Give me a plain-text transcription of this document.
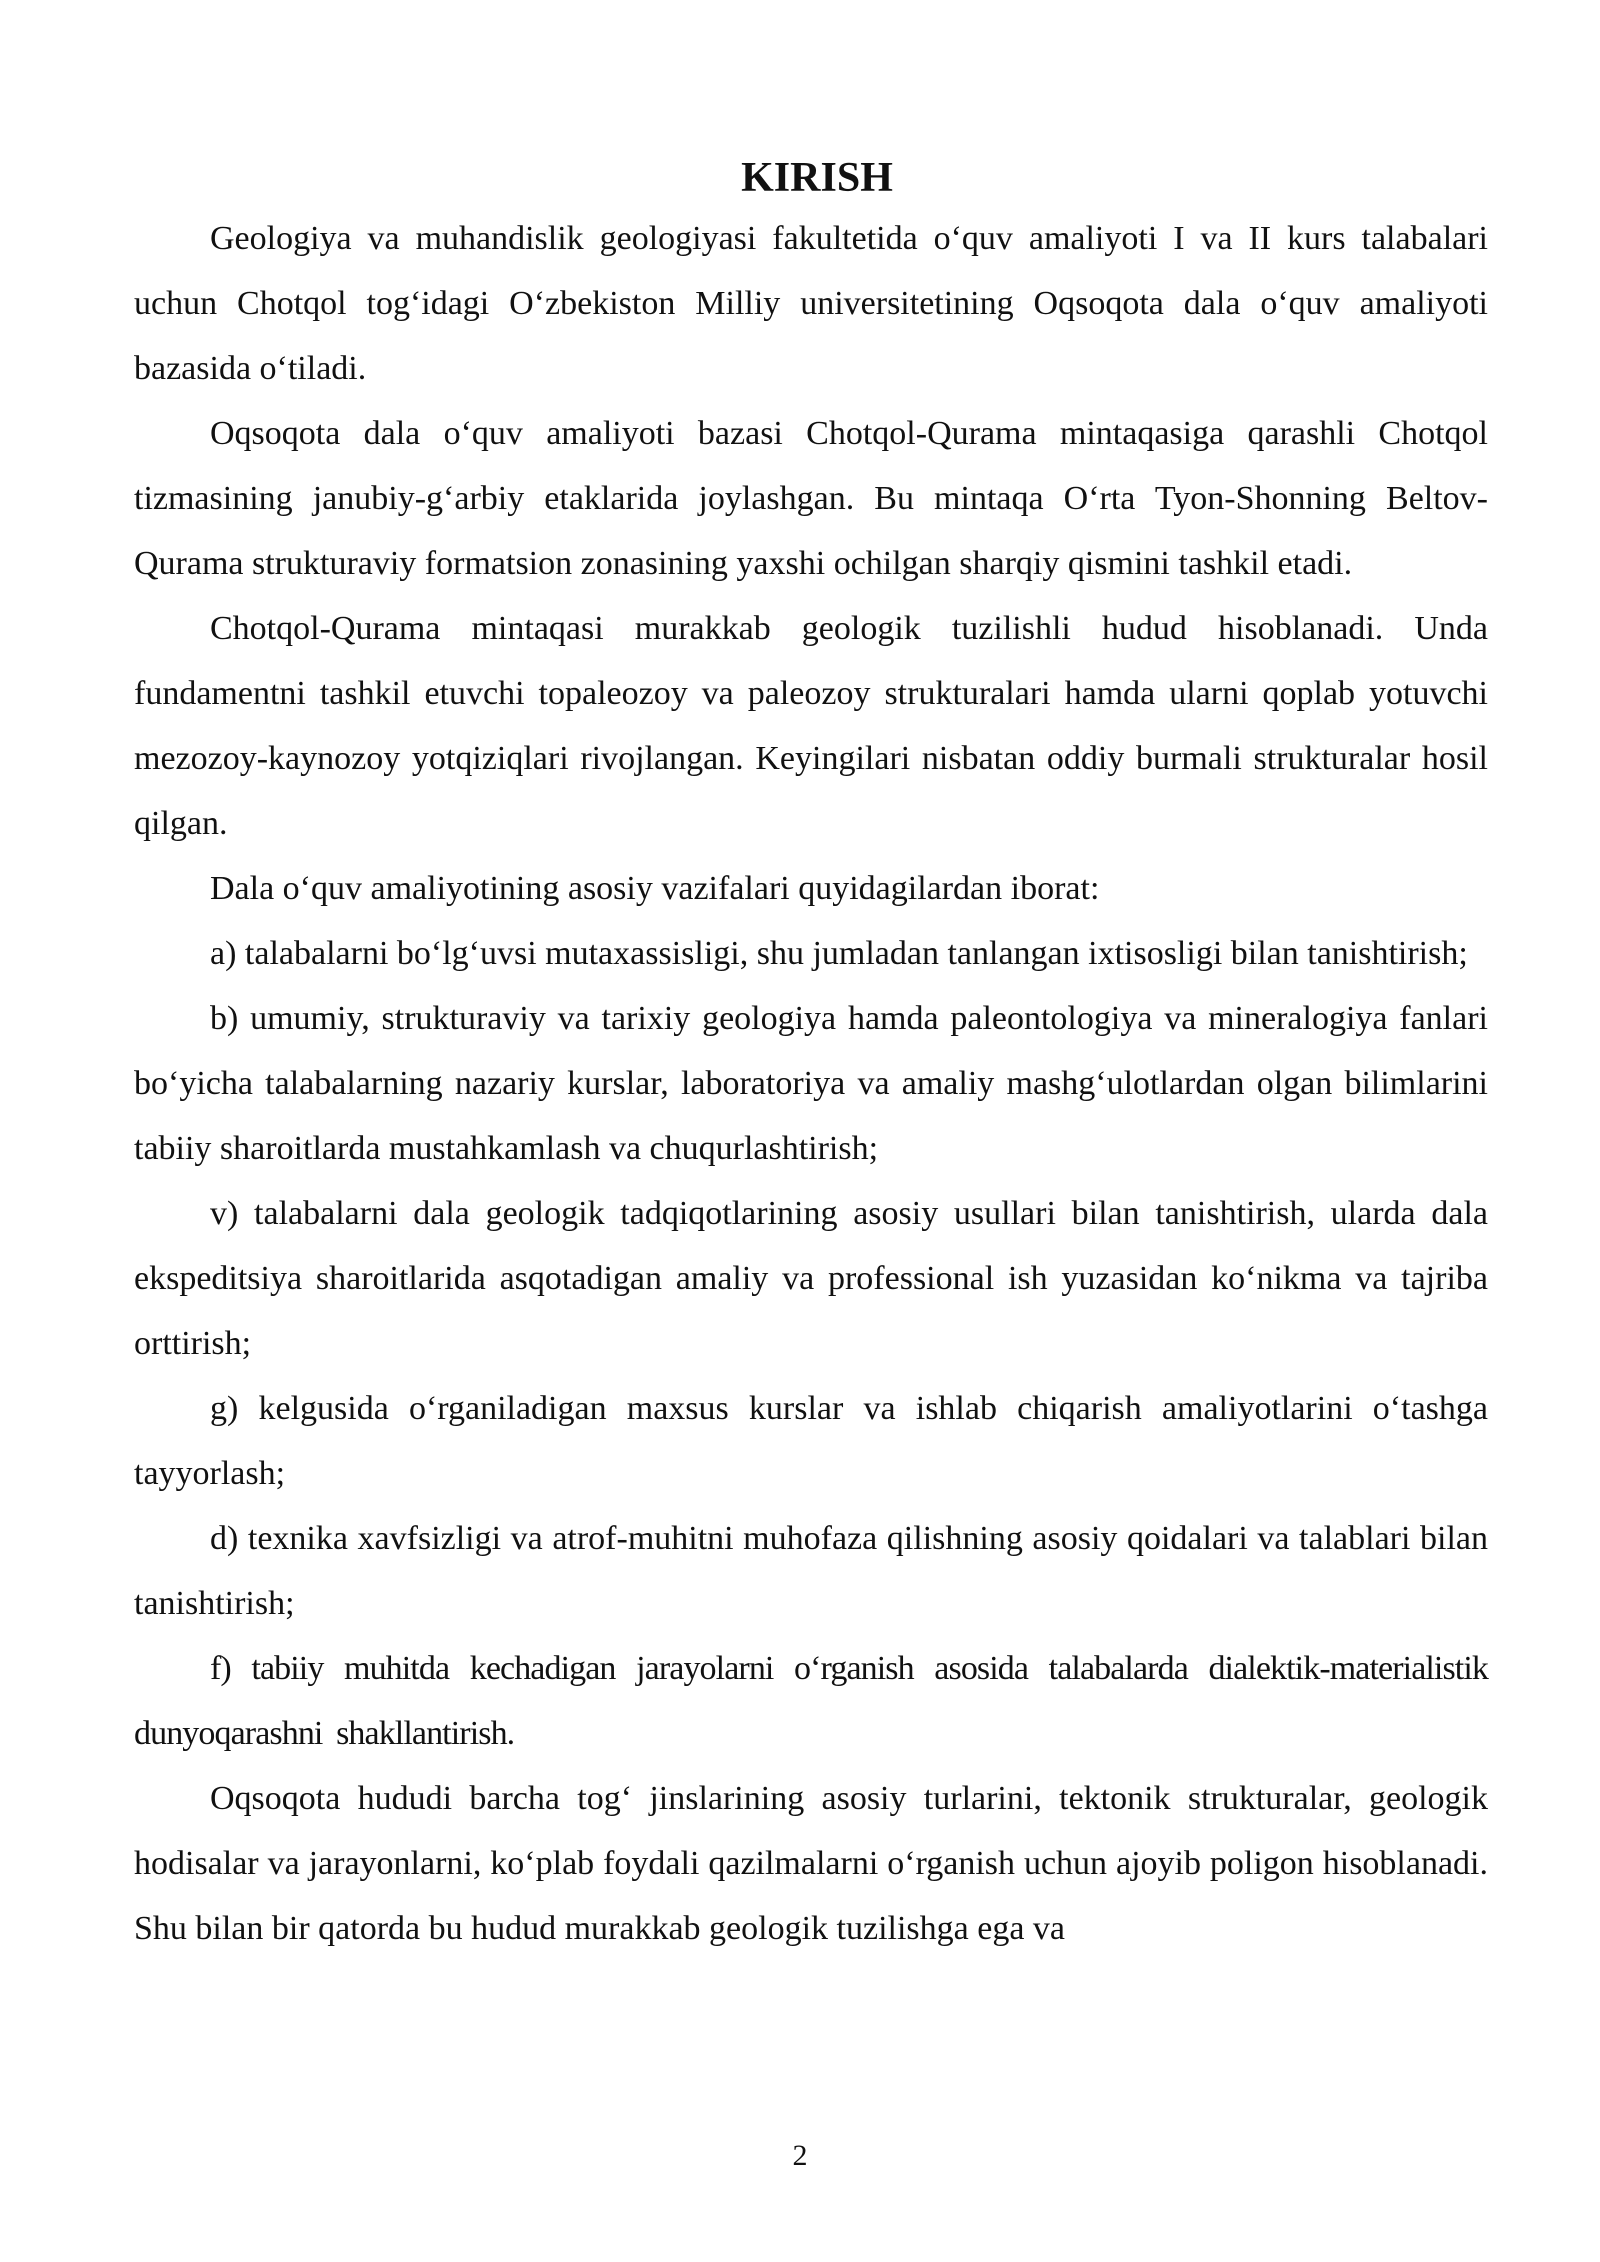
KIRISH

Geologiya va muhandislik geologiyasi fakultetida o‘quv amaliyoti I va II kurs talabalari uchun Chotqol tog‘idagi O‘zbekiston Milliy universitetining Oqsoqota dala o‘quv amaliyoti bazasida o‘tiladi.

Oqsoqota dala o‘quv amaliyoti bazasi Chotqol-Qurama mintaqasiga qarashli Chotqol tizmasining janubiy-g‘arbiy etaklarida joylashgan. Bu mintaqa O‘rta Tyon-Shonning Beltov-Qurama strukturaviy formatsion zonasining yaxshi ochilgan sharqiy qismini tashkil etadi.

Chotqol-Qurama mintaqasi murakkab geologik tuzilishli hudud hisoblanadi. Unda fundamentni tashkil etuvchi topaleozoy va paleozoy strukturalari hamda ularni qoplab yotuvchi mezozoy-kaynozoy yotqiziqlari rivojlangan. Keyingilari nisbatan oddiy burmali strukturalar hosil qilgan.

Dala o‘quv amaliyotining asosiy vazifalari quyidagilardan iborat:

a) talabalarni bo‘lg‘uvsi mutaxassisligi, shu jumladan tanlangan ixtisosligi bilan tanishtirish;

b) umumiy, strukturaviy va tarixiy geologiya hamda paleontologiya va mineralogiya fanlari bo‘yicha talabalarning nazariy kurslar, laboratoriya va amaliy mashg‘ulotlardan olgan bilimlarini tabiiy sharoitlarda mustahkamlash va chuqurlashtirish;

v) talabalarni dala geologik tadqiqotlarining asosiy usullari bilan tanishtirish, ularda dala ekspeditsiya sharoitlarida asqotadigan amaliy va professional ish yuzasidan ko‘nikma va tajriba orttirish;

g) kelgusida o‘rganiladigan maxsus kurslar va ishlab chiqarish amaliyotlarini o‘tashga tayyorlash;

d) texnika xavfsizligi va atrof-muhitni muhofaza qilishning asosiy qoidalari va talablari bilan tanishtirish;

f) tabiiy muhitda kechadigan jarayolarni o‘rganish asosida talabalarda dialektik-materialistik dunyoqarashni shakllantirish.

Oqsoqota hududi barcha tog‘ jinslarining asosiy turlarini, tektonik strukturalar, geologik hodisalar va jarayonlarni, ko‘plab foydali qazilmalarni o‘rganish uchun ajoyib poligon hisoblanadi. Shu bilan bir qatorda bu hudud murakkab geologik tuzilishga ega va

2
